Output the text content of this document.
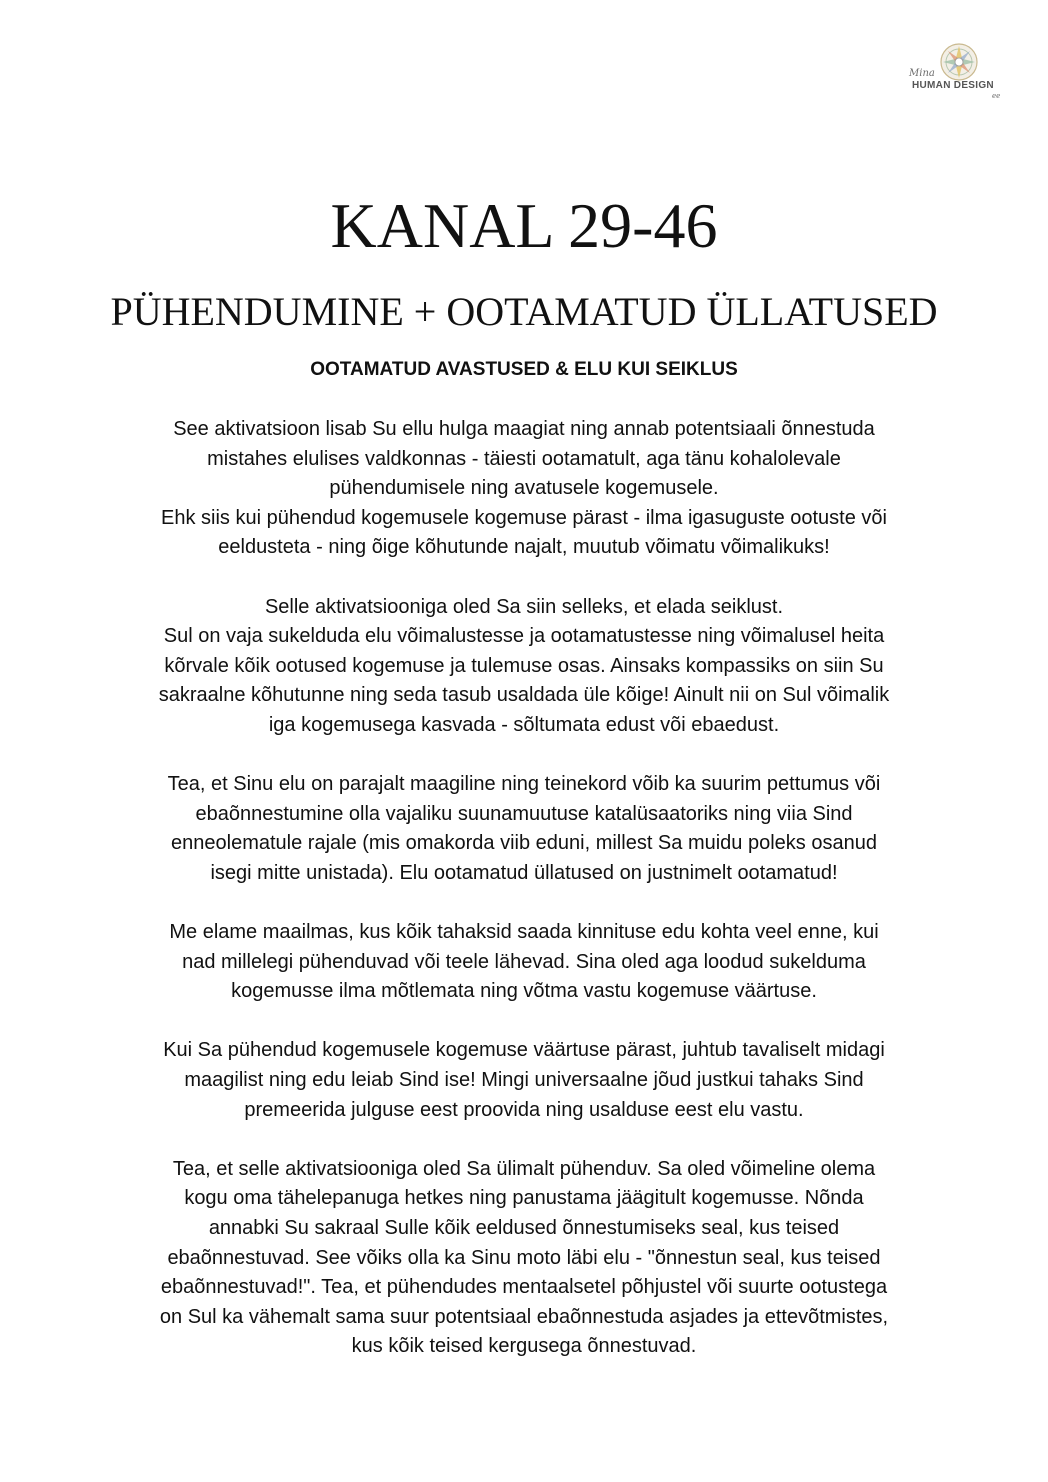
Mina
HUMAN DESIGN
ee
KANAL 29-46
PÜHENDUMINE + OOTAMATUD ÜLLATUSED

OOTAMATUD AVASTUSED & ELU KUI SEIKLUS

See aktivatsioon lisab Su ellu hulga maagiat ning annab potentsiaali õnnestuda
mistahes elulises valdkonnas - täiesti ootamatult, aga tänu kohalolevale
pühendumisele ning avatusele kogemusele.
Ehk siis kui pühendud kogemusele kogemuse pärast - ilma igasuguste ootuste või
eeldusteta - ning õige kõhutunde najalt, muutub võimatu võimalikuks!

Selle aktivatsiooniga oled Sa siin selleks, et elada seiklust.
Sul on vaja sukelduda elu võimalustesse ja ootamatustesse ning võimalusel heita
kõrvale kõik ootused kogemuse ja tulemuse osas. Ainsaks kompassiks on siin Su
sakraalne kõhutunne ning seda tasub usaldada üle kõige! Ainult nii on Sul võimalik
iga kogemusega kasvada - sõltumata edust või ebaedust.

Tea, et Sinu elu on parajalt maagiline ning teinekord võib ka suurim pettumus või
ebaõnnestumine olla vajaliku suunamuutuse katalüsaatoriks ning viia Sind
enneolematule rajale (mis omakorda viib eduni, millest Sa muidu poleks osanud
isegi mitte unistada). Elu ootamatud üllatused on justnimelt ootamatud!

Me elame maailmas, kus kõik tahaksid saada kinnituse edu kohta veel enne, kui
nad millelegi pühenduvad või teele lähevad. Sina oled aga loodud sukelduma
kogemusse ilma mõtlemata ning võtma vastu kogemuse väärtuse.

Kui Sa pühendud kogemusele kogemuse väärtuse pärast, juhtub tavaliselt midagi
maagilist ning edu leiab Sind ise! Mingi universaalne jõud justkui tahaks Sind
premeerida julguse eest proovida ning usalduse eest elu vastu.

Tea, et selle aktivatsiooniga oled Sa ülimalt pühenduv. Sa oled võimeline olema
kogu oma tähelepanuga hetkes ning panustama jäägitult kogemusse. Nõnda
annabki Su sakraal Sulle kõik eeldused õnnestumiseks seal, kus teised
ebaõnnestuvad. See võiks olla ka Sinu moto läbi elu - "õnnestun seal, kus teised
ebaõnnestuvad!". Tea, et pühendudes mentaalsetel põhjustel või suurte ootustega
on Sul ka vähemalt sama suur potentsiaal ebaõnnestuda asjades ja ettevõtmistes,
kus kõik teised kergusega õnnestuvad.
